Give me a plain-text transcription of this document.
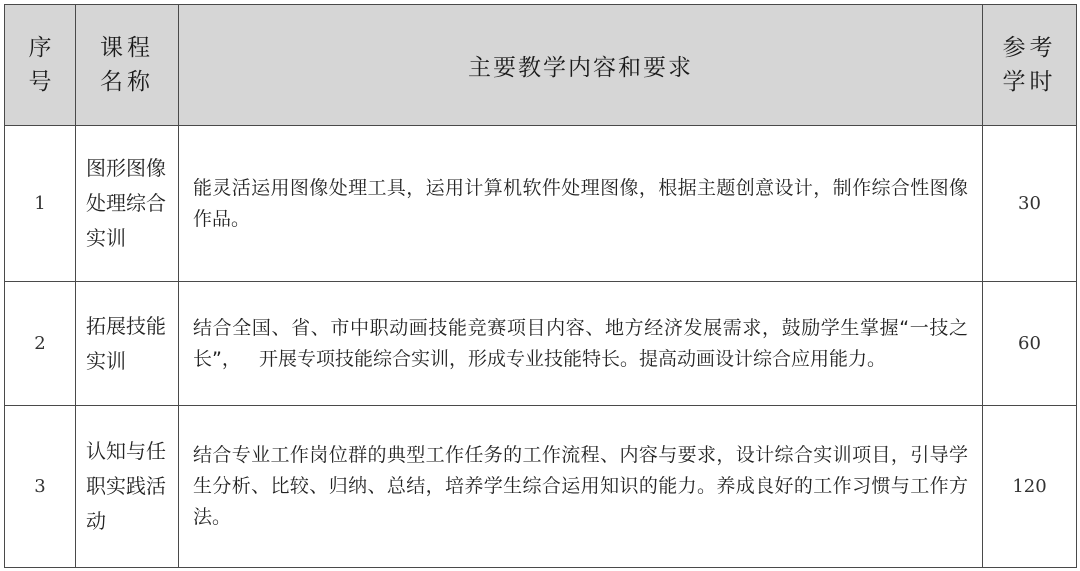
序号	课程名称	主要教学内容和要求	参考学时

1	图形图像处理综合实训	能灵活运用图像处理工具，运用计算机软件处理图像，根据主题创意设计，制作综合性图像作品。	30
2	拓展技能实训	结合全国、省、市中职动画技能竞赛项目内容、地方经济发展需求，鼓励学生掌握“一技之长”，   开展专项技能综合实训，形成专业技能特长。提高动画设计综合应用能力。	60
3	认知与任职实践活动	结合专业工作岗位群的典型工作任务的工作流程、内容与要求，设计综合实训项目，引导学生分析、比较、归纳、总结，培养学生综合运用知识的能力。养成良好的工作习惯与工作方法。	120
